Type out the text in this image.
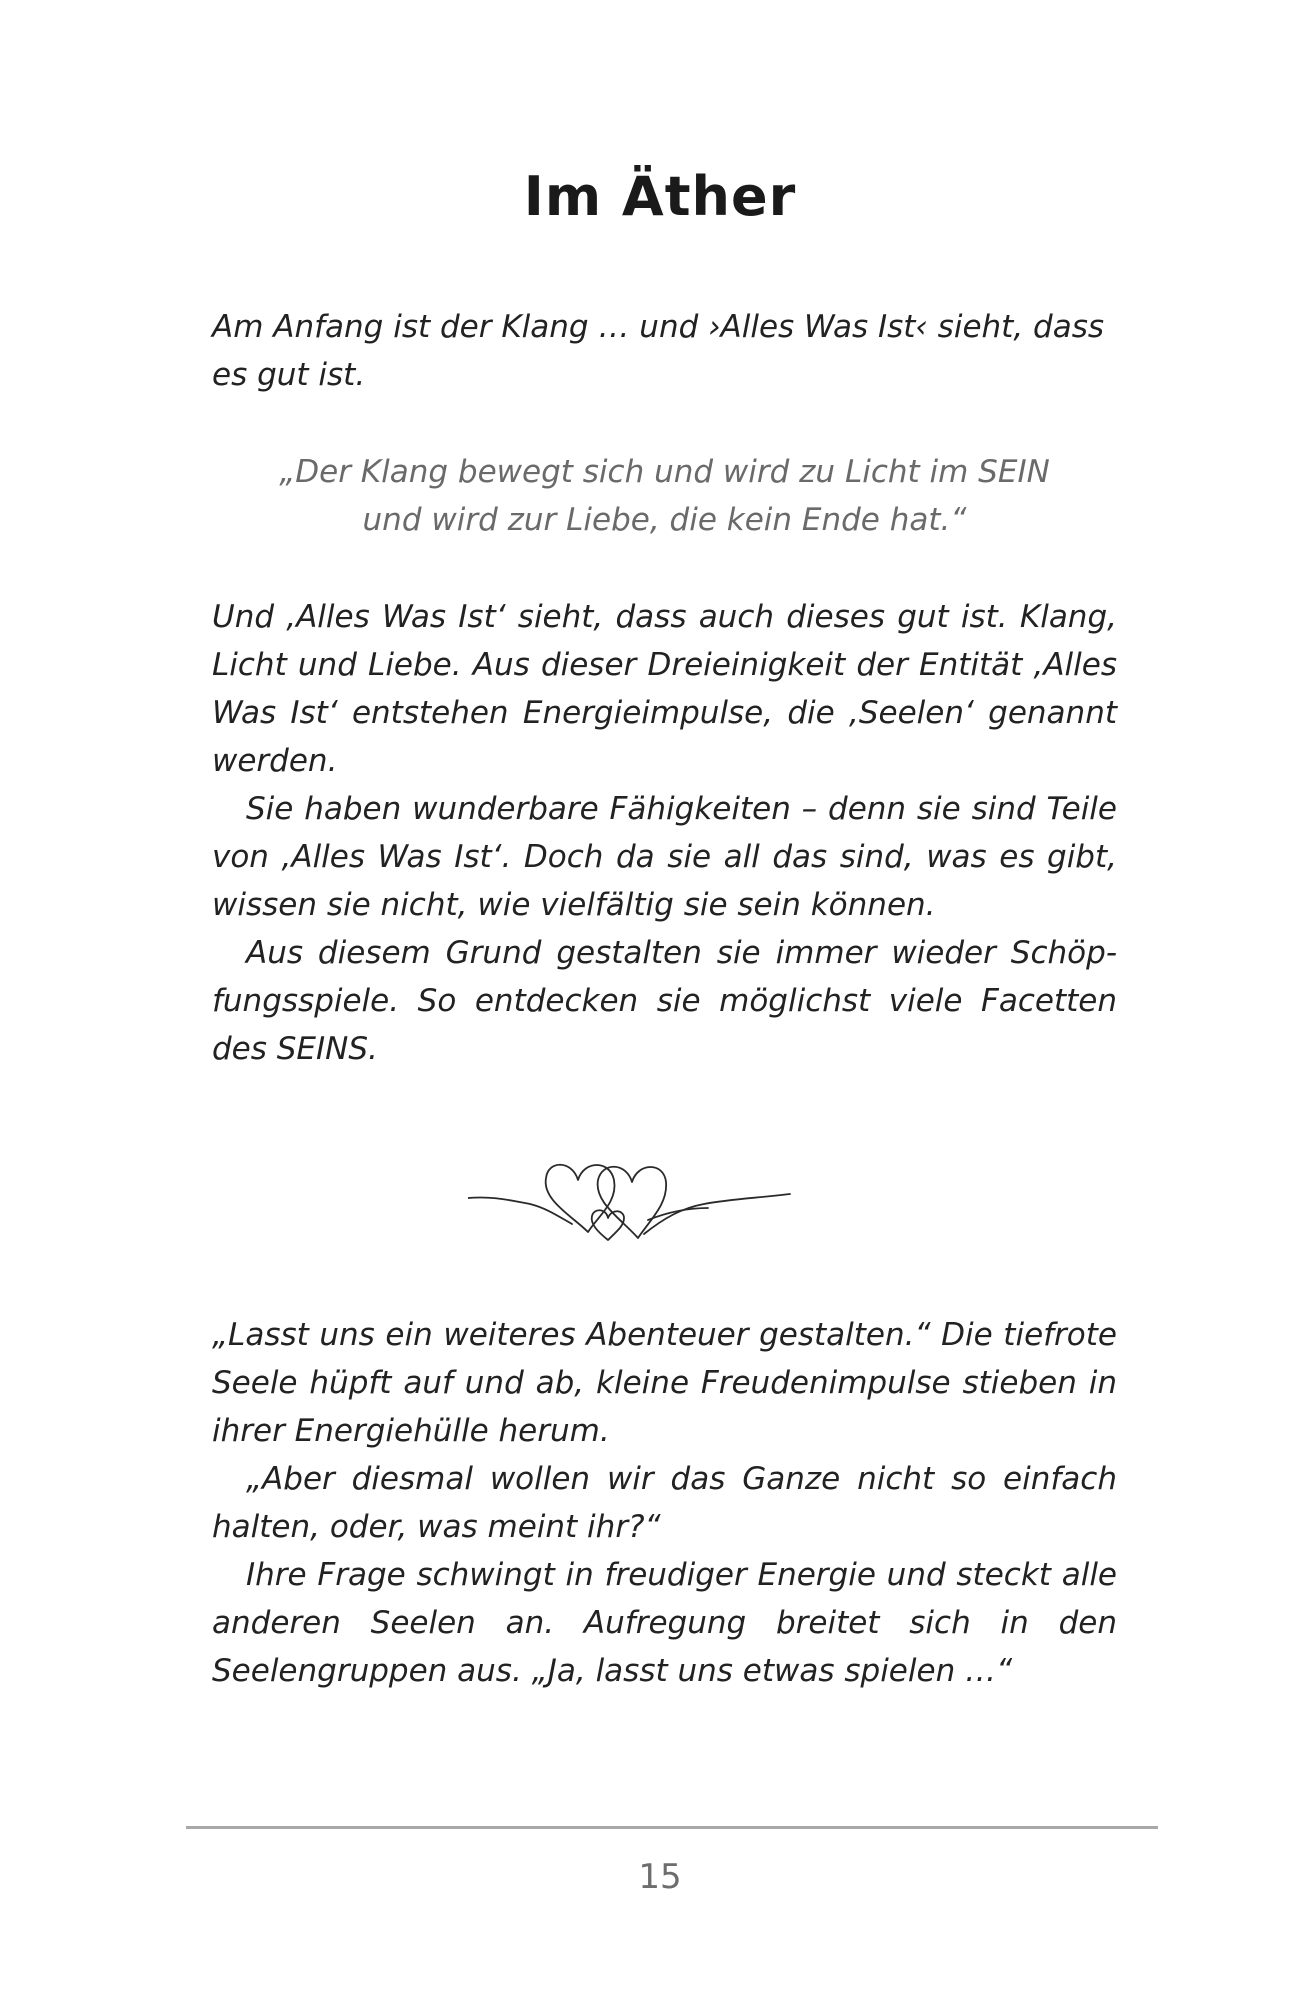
Im Äther

Am Anfang ist der Klang … und ›Alles Was Ist‹ sieht, dass es gut ist.

„Der Klang bewegt sich und wird zu Licht im SEIN
und wird zur Liebe, die kein Ende hat.“

Und ‚Alles Was Ist‘ sieht, dass auch dieses gut ist. Klang, Licht und Liebe. Aus dieser Dreieinigkeit der Entität ‚Alles Was Ist‘ entstehen Energieimpulse, die ‚Seelen‘ genannt werden.

Sie haben wunderbare Fähigkeiten – denn sie sind Teile von ‚Alles Was Ist‘. Doch da sie all das sind, was es gibt, wissen sie nicht, wie vielfältig sie sein können.

Aus diesem Grund gestalten sie immer wieder Schöpfungsspiele. So entdecken sie möglichst viele Facetten des SEINS.

„Lasst uns ein weiteres Abenteuer gestalten.“ Die tiefrote Seele hüpft auf und ab, kleine Freudenimpulse stieben in ihrer Energiehülle herum.

„Aber diesmal wollen wir das Ganze nicht so einfach halten, oder, was meint ihr?“

Ihre Frage schwingt in freudiger Energie und steckt alle anderen Seelen an. Aufregung breitet sich in den Seelengruppen aus. „Ja, lasst uns etwas spielen …“

15
